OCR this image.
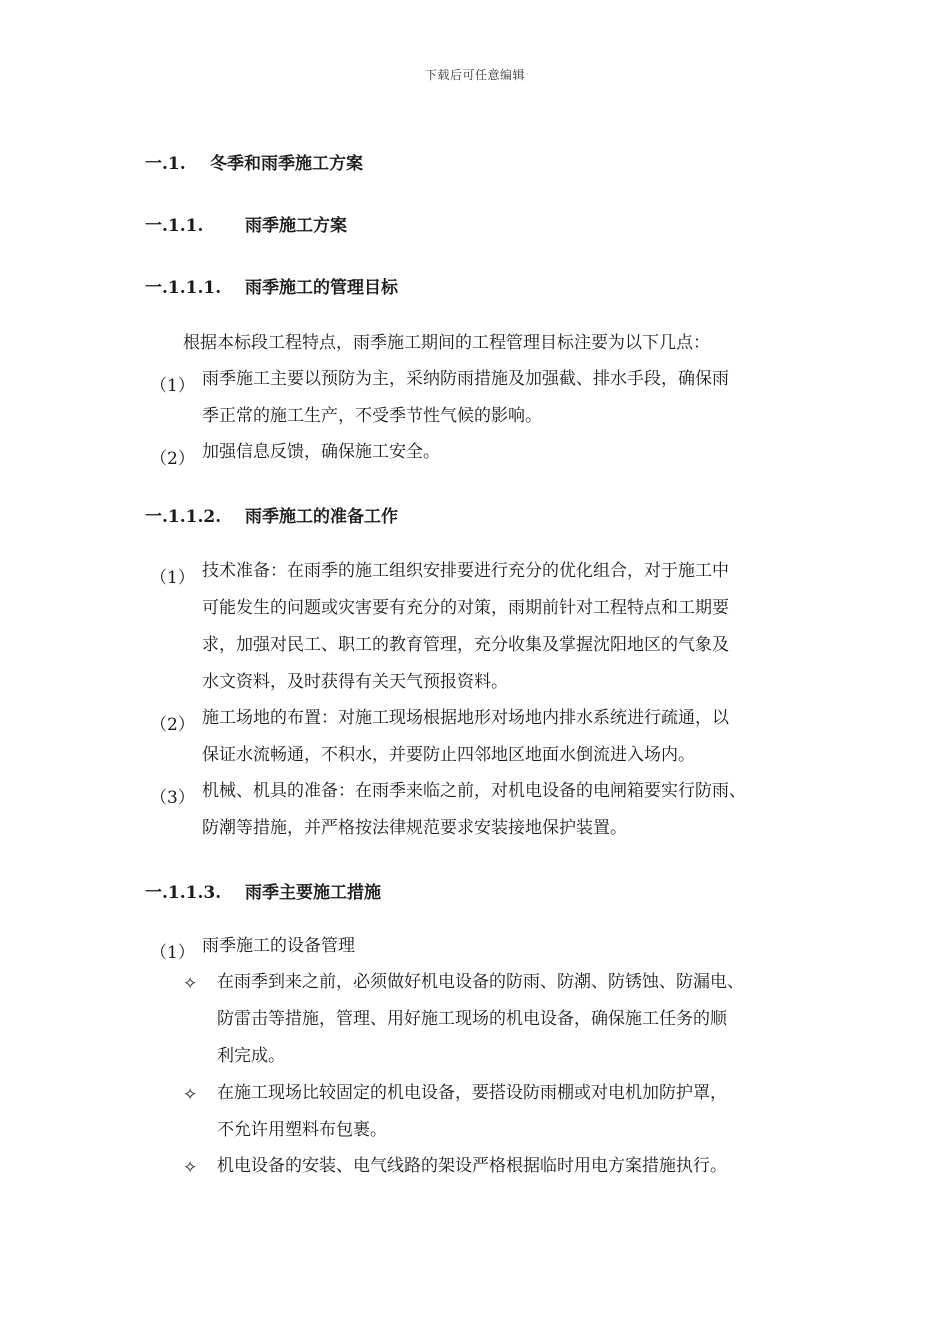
下载后可任意编辑
一.1. 冬季和雨季施工方案
一.1.1. 雨季施工方案
一.1.1.1. 雨季施工的管理目标
根据本标段工程特点，雨季施工期间的工程管理目标注要为以下几点：
（1） 雨季施工主要以预防为主，采纳防雨措施及加强截、排水手段，确保雨
季正常的施工生产，不受季节性气候的影响。
（2） 加强信息反馈，确保施工安全。
一.1.1.2. 雨季施工的准备工作
（1） 技术准备：在雨季的施工组织安排要进行充分的优化组合，对于施工中
可能发生的问题或灾害要有充分的对策，雨期前针对工程特点和工期要
求，加强对民工、职工的教育管理，充分收集及掌握沈阳地区的气象及
水文资料，及时获得有关天气预报资料。
（2） 施工场地的布置：对施工现场根据地形对场地内排水系统进行疏通，以
保证水流畅通，不积水，并要防止四邻地区地面水倒流进入场内。
（3） 机械、机具的准备：在雨季来临之前，对机电设备的电闸箱要实行防雨、
防潮等措施，并严格按法律规范要求安装接地保护装置。
一.1.1.3. 雨季主要施工措施
（1） 雨季施工的设备管理
✧ 在雨季到来之前，必须做好机电设备的防雨、防潮、防锈蚀、防漏电、
防雷击等措施，管理、用好施工现场的机电设备，确保施工任务的顺
利完成。
✧ 在施工现场比较固定的机电设备，要搭设防雨棚或对电机加防护罩，
不允许用塑料布包裹。
✧ 机电设备的安装、电气线路的架设严格根据临时用电方案措施执行。
